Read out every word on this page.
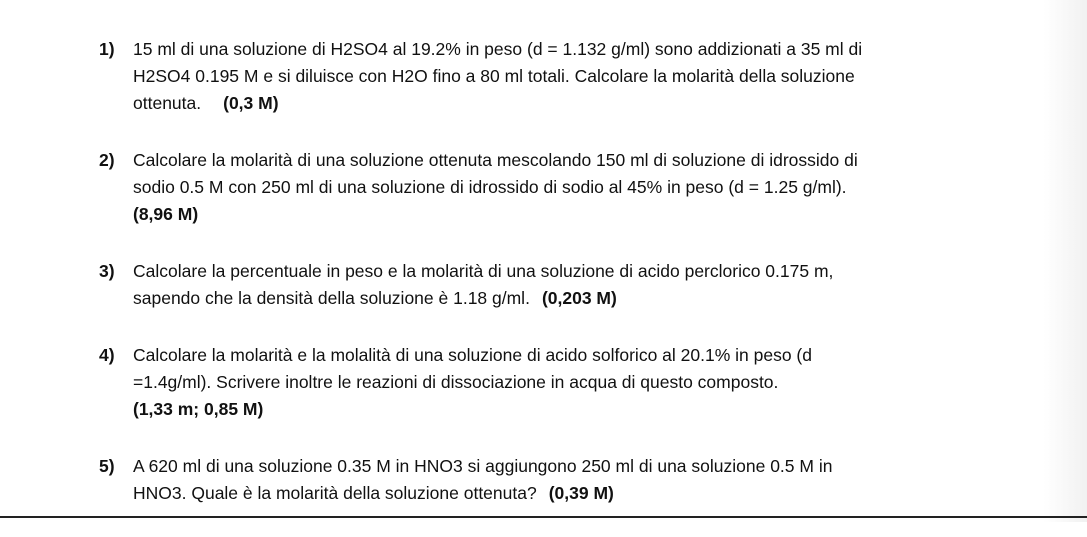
1) 15 ml di una soluzione di H2SO4 al 19.2% in peso (d = 1.132 g/ml) sono addizionati a 35 ml di
H2SO4 0.195 M e si diluisce con H2O fino a 80 ml totali. Calcolare la molarità della soluzione
ottenuta. (0,3 M)
2) Calcolare la molarità di una soluzione ottenuta mescolando 150 ml di soluzione di idrossido di
sodio 0.5 M con 250 ml di una soluzione di idrossido di sodio al 45% in peso (d = 1.25 g/ml).
(8,96 M)
3) Calcolare la percentuale in peso e la molarità di una soluzione di acido perclorico 0.175 m,
sapendo che la densità della soluzione è 1.18 g/ml. (0,203 M)
4) Calcolare la molarità e la molalità di una soluzione di acido solforico al 20.1% in peso (d
=1.4g/ml). Scrivere inoltre le reazioni di dissociazione in acqua di questo composto.
(1,33 m; 0,85 M)
5) A 620 ml di una soluzione 0.35 M in HNO3 si aggiungono 250 ml di una soluzione 0.5 M in
HNO3. Quale è la molarità della soluzione ottenuta? (0,39 M)
